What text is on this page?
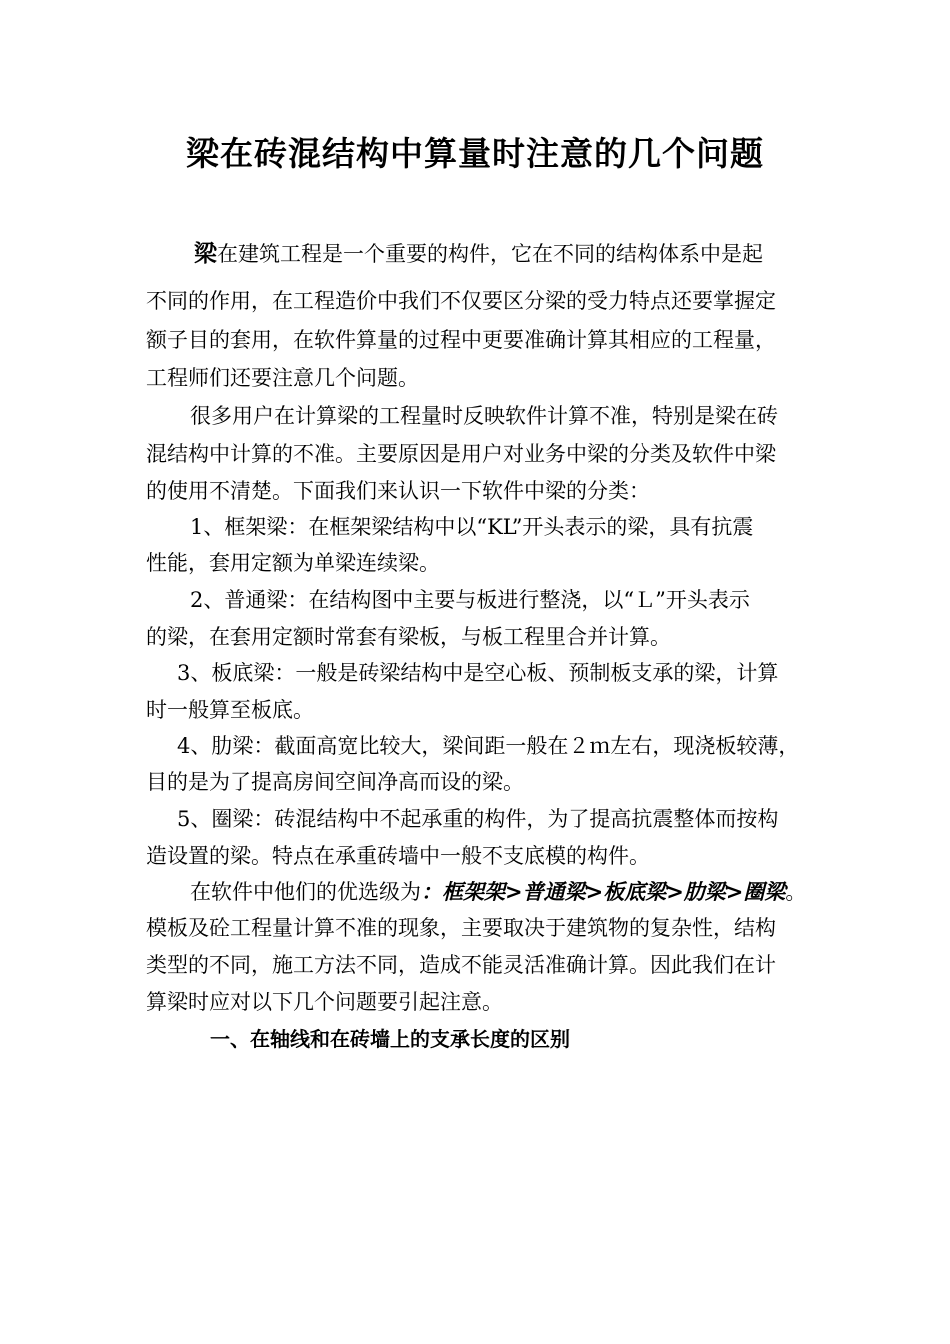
梁在砖混结构中算量时注意的几个问题
梁在建筑工程是一个重要的构件，它在不同的结构体系中是起
不同的作用，在工程造价中我们不仅要区分梁的受力特点还要掌握定
额子目的套用，在软件算量的过程中更要准确计算其相应的工程量，
工程师们还要注意几个问题。
很多用户在计算梁的工程量时反映软件计算不准，特别是梁在砖
混结构中计算的不准。主要原因是用户对业务中梁的分类及软件中梁
的使用不清楚。下面我们来认识一下软件中梁的分类：
1、框架梁：在框架梁结构中以“KL”开头表示的梁，具有抗震
性能，套用定额为单梁连续梁。
2、普通梁：在结构图中主要与板进行整浇，以“Ｌ”开头表示
的梁，在套用定额时常套有梁板，与板工程里合并计算。
3、板底梁：一般是砖梁结构中是空心板、预制板支承的梁，计算
时一般算至板底。
4、肋梁：截面高宽比较大，梁间距一般在２ｍ左右，现浇板较薄，
目的是为了提高房间空间净高而设的梁。
5、圈梁：砖混结构中不起承重的构件，为了提高抗震整体而按构
造设置的梁。特点在承重砖墙中一般不支底模的构件。
在软件中他们的优选级为：框架架>普通梁>板底梁>肋梁>圈梁。
模板及砼工程量计算不准的现象，主要取决于建筑物的复杂性，结构
类型的不同，施工方法不同，造成不能灵活准确计算。因此我们在计
算梁时应对以下几个问题要引起注意。
一、在轴线和在砖墙上的支承长度的区别
